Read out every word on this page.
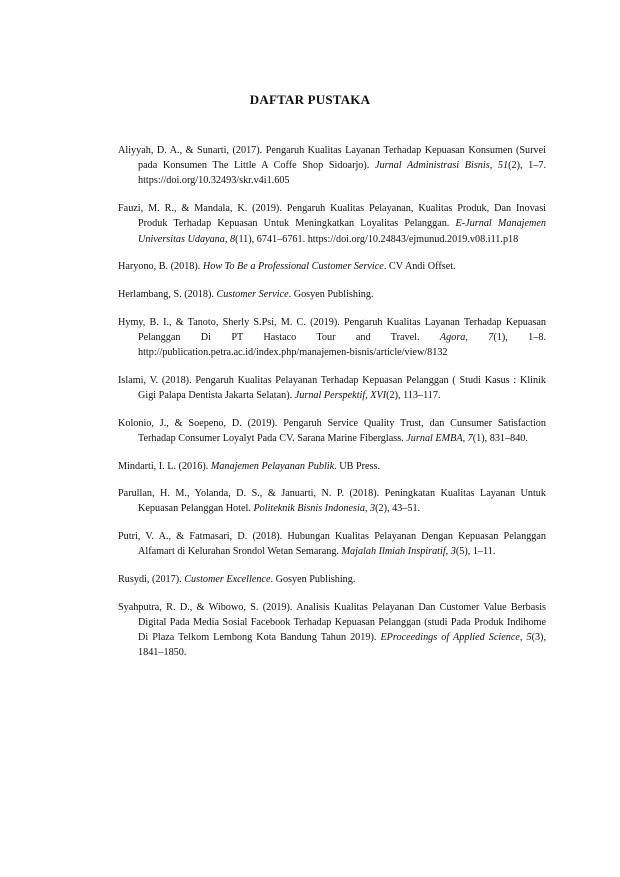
DAFTAR PUSTAKA
Aliyyah, D. A., & Sunarti, (2017). Pengaruh Kualitas Layanan Terhadap Kepuasan Konsumen (Survei pada Konsumen The Little A Coffe Shop Sidoarjo). Jurnal Administrasi Bisnis, 51(2), 1–7. https://doi.org/10.32493/skr.v4i1.605
Fauzi, M. R., & Mandala, K. (2019). Pengaruh Kualitas Pelayanan, Kualitas Produk, Dan Inovasi Produk Terhadap Kepuasan Untuk Meningkatkan Loyalitas Pelanggan. E-Jurnal Manajemen Universitas Udayana, 8(11), 6741–6761. https://doi.org/10.24843/ejmunud.2019.v08.i11.p18
Haryono, B. (2018). How To Be a Professional Customer Service. CV Andi Offset.
Herlambang, S. (2018). Customer Service. Gosyen Publishing.
Hymy, B. I., & Tanoto, Sherly S.Psi, M. C. (2019). Pengaruh Kualitas Layanan Terhadap Kepuasan Pelanggan Di PT Hastaco Tour and Travel. Agora, 7(1), 1–8. http://publication.petra.ac.id/index.php/manajemen-bisnis/article/view/8132
Islami, V. (2018). Pengaruh Kualitas Pelayanan Terhadap Kepuasan Pelanggan ( Studi Kasus : Klinik Gigi Palapa Dentista Jakarta Selatan). Jurnal Perspektif, XVI(2), 113–117.
Kolonio, J., & Soepeno, D. (2019). Pengaruh Service Quality Trust, dan Cunsumer Satisfaction Terhadap Consumer Loyalyt Pada CV. Sarana Marine Fiberglass. Jurnal EMBA, 7(1), 831–840.
Mindarti, I. L. (2016). Manajemen Pelayanan Publik. UB Press.
Parullan, H. M., Yolanda, D. S., & Januarti, N. P. (2018). Peningkatan Kualitas Layanan Untuk Kepuasan Pelanggan Hotel. Politeknik Bisnis Indonesia, 3(2), 43–51.
Putri, V. A., & Fatmasari, D. (2018). Hubungan Kualitas Pelayanan Dengan Kepuasan Pelanggan Alfamart di Kelurahan Srondol Wetan Semarang. Majalah Ilmiah Inspiratif, 3(5), 1–11.
Rusydi, (2017). Customer Excellence. Gosyen Publishing.
Syahputra, R. D., & Wibowo, S. (2019). Analisis Kualitas Pelayanan Dan Customer Value Berbasis Digital Pada Media Sosial Facebook Terhadap Kepuasan Pelanggan (studi Pada Produk Indihome Di Plaza Telkom Lembong Kota Bandung Tahun 2019). EProceedings of Applied Science, 5(3), 1841–1850.
